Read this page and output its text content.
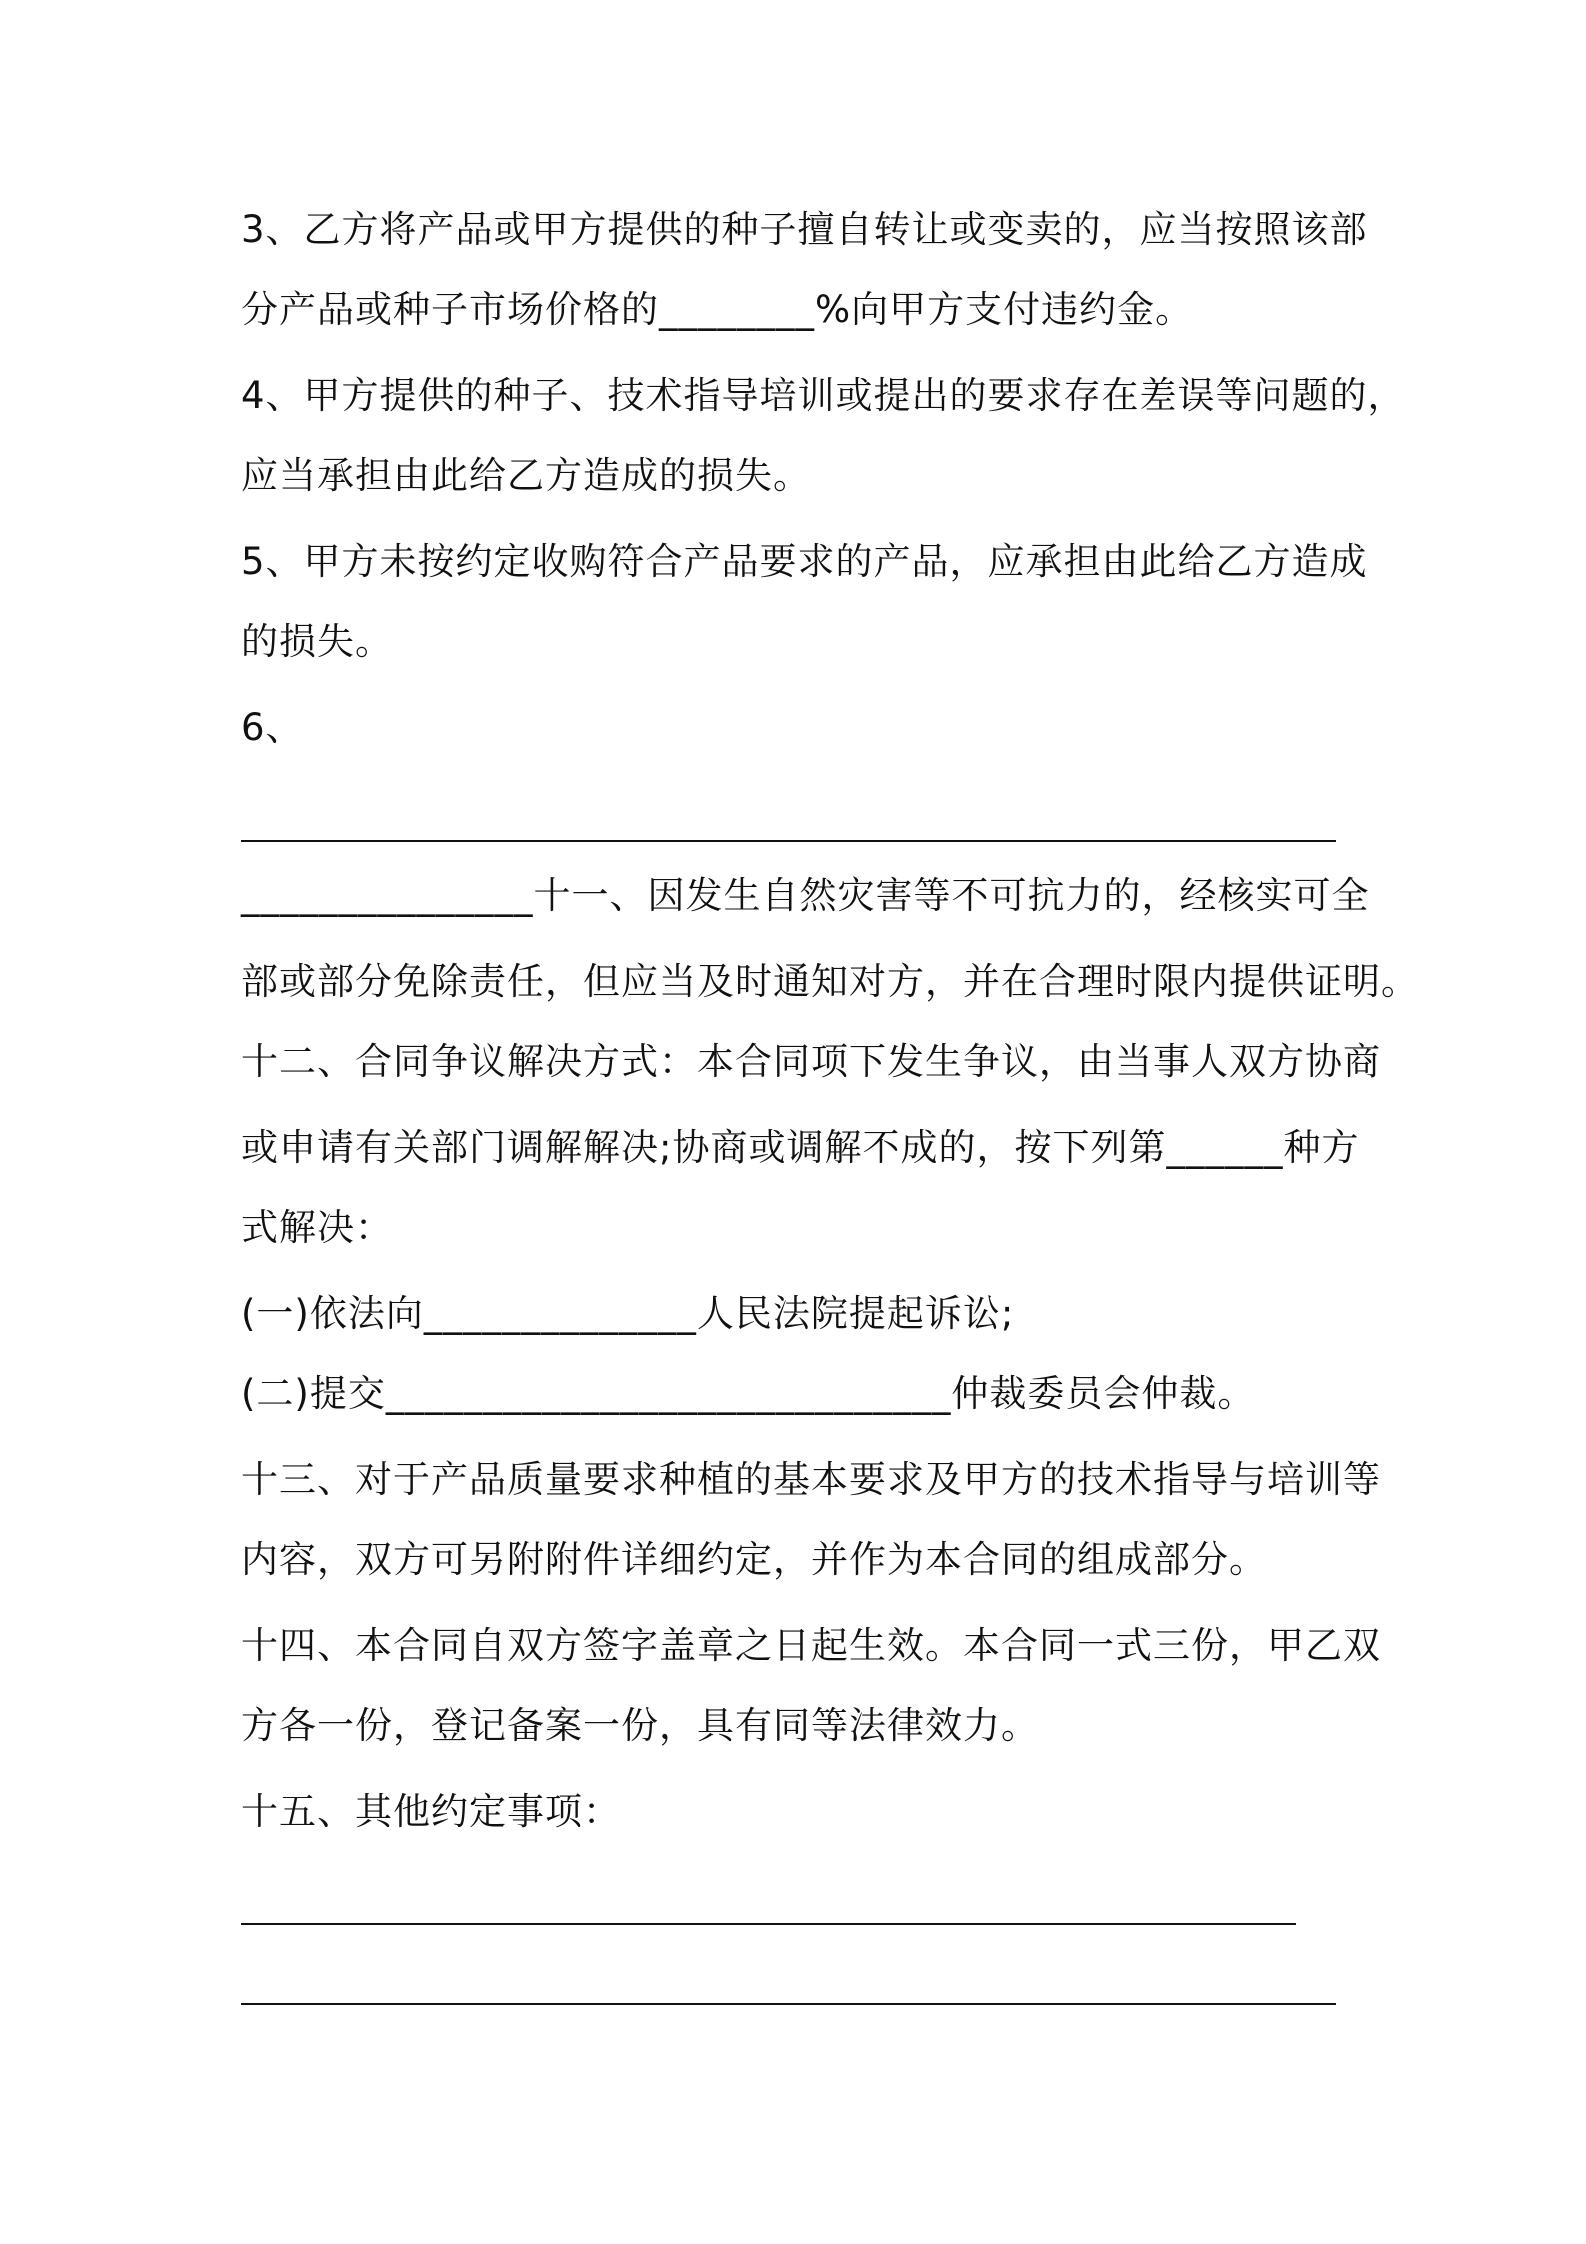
3、乙方将产品或甲方提供的种子擅自转让或变卖的，应当按照该部
分产品或种子市场价格的________%向甲方支付违约金。
4、甲方提供的种子、技术指导培训或提出的要求存在差误等问题的，
应当承担由此给乙方造成的损失。
5、甲方未按约定收购符合产品要求的产品，应承担由此给乙方造成
的损失。
6、
_______________十一、因发生自然灾害等不可抗力的，经核实可全
部或部分免除责任，但应当及时通知对方，并在合理时限内提供证明。
十二、合同争议解决方式：本合同项下发生争议，由当事人双方协商
或申请有关部门调解解决;协商或调解不成的，按下列第______种方
式解决：
(一)依法向______________人民法院提起诉讼;
(二)提交_____________________________仲裁委员会仲裁。
十三、对于产品质量要求种植的基本要求及甲方的技术指导与培训等
内容，双方可另附附件详细约定，并作为本合同的组成部分。
十四、本合同自双方签字盖章之日起生效。本合同一式三份，甲乙双
方各一份，登记备案一份，具有同等法律效力。
十五、其他约定事项：
